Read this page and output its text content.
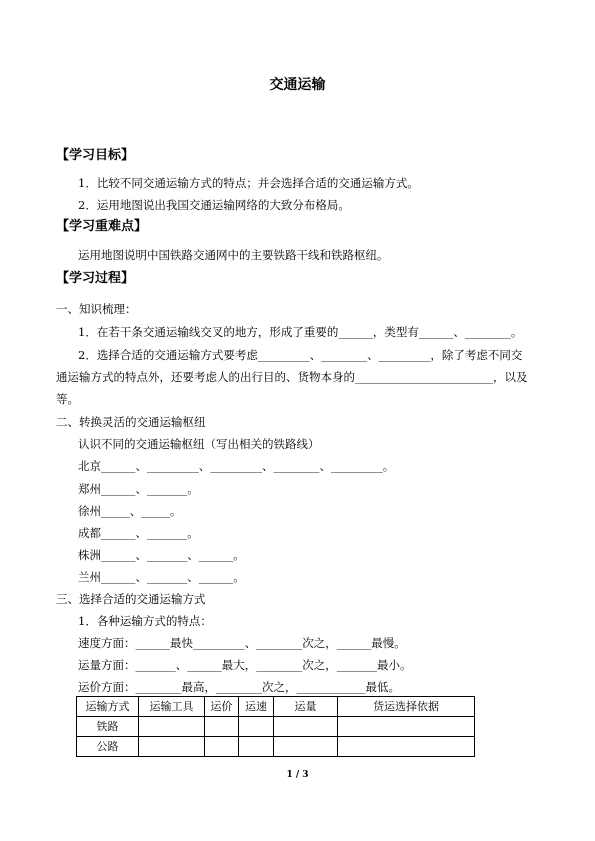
交通运输
【学习目标】
1．比较不同交通运输方式的特点；并会选择合适的交通运输方式。
2．运用地图说出我国交通运输网络的大致分布格局。
【学习重难点】
运用地图说明中国铁路交通网中的主要铁路干线和铁路枢纽。
【学习过程】
一、知识梳理：
1．在若干条交通运输线交叉的地方，形成了重要的______，类型有______、________。
2．选择合适的交通运输方式要考虑_________、________、_________，除了考虑不同交
通运输方式的特点外，还要考虑人的出行目的、货物本身的________________________，以及
等。
二、转换灵活的交通运输枢纽
认识不同的交通运输枢纽（写出相关的铁路线）
北京______、_________、_________、________、_________。
郑州______、_______。
徐州_____、_____。
成都______、_______。
株洲______、_______、______。
兰州______、_______、______。
三、选择合适的交通运输方式
1．各种运输方式的特点：
速度方面：______最快_________、________次之，______最慢。
运量方面：_______、______最大，________次之，_______最小。
运价方面：________最高，________次之，____________最低。
运输方式	运输工具	运价	运速	运量	货运选择依据
铁路					
公路					
1 / 3
